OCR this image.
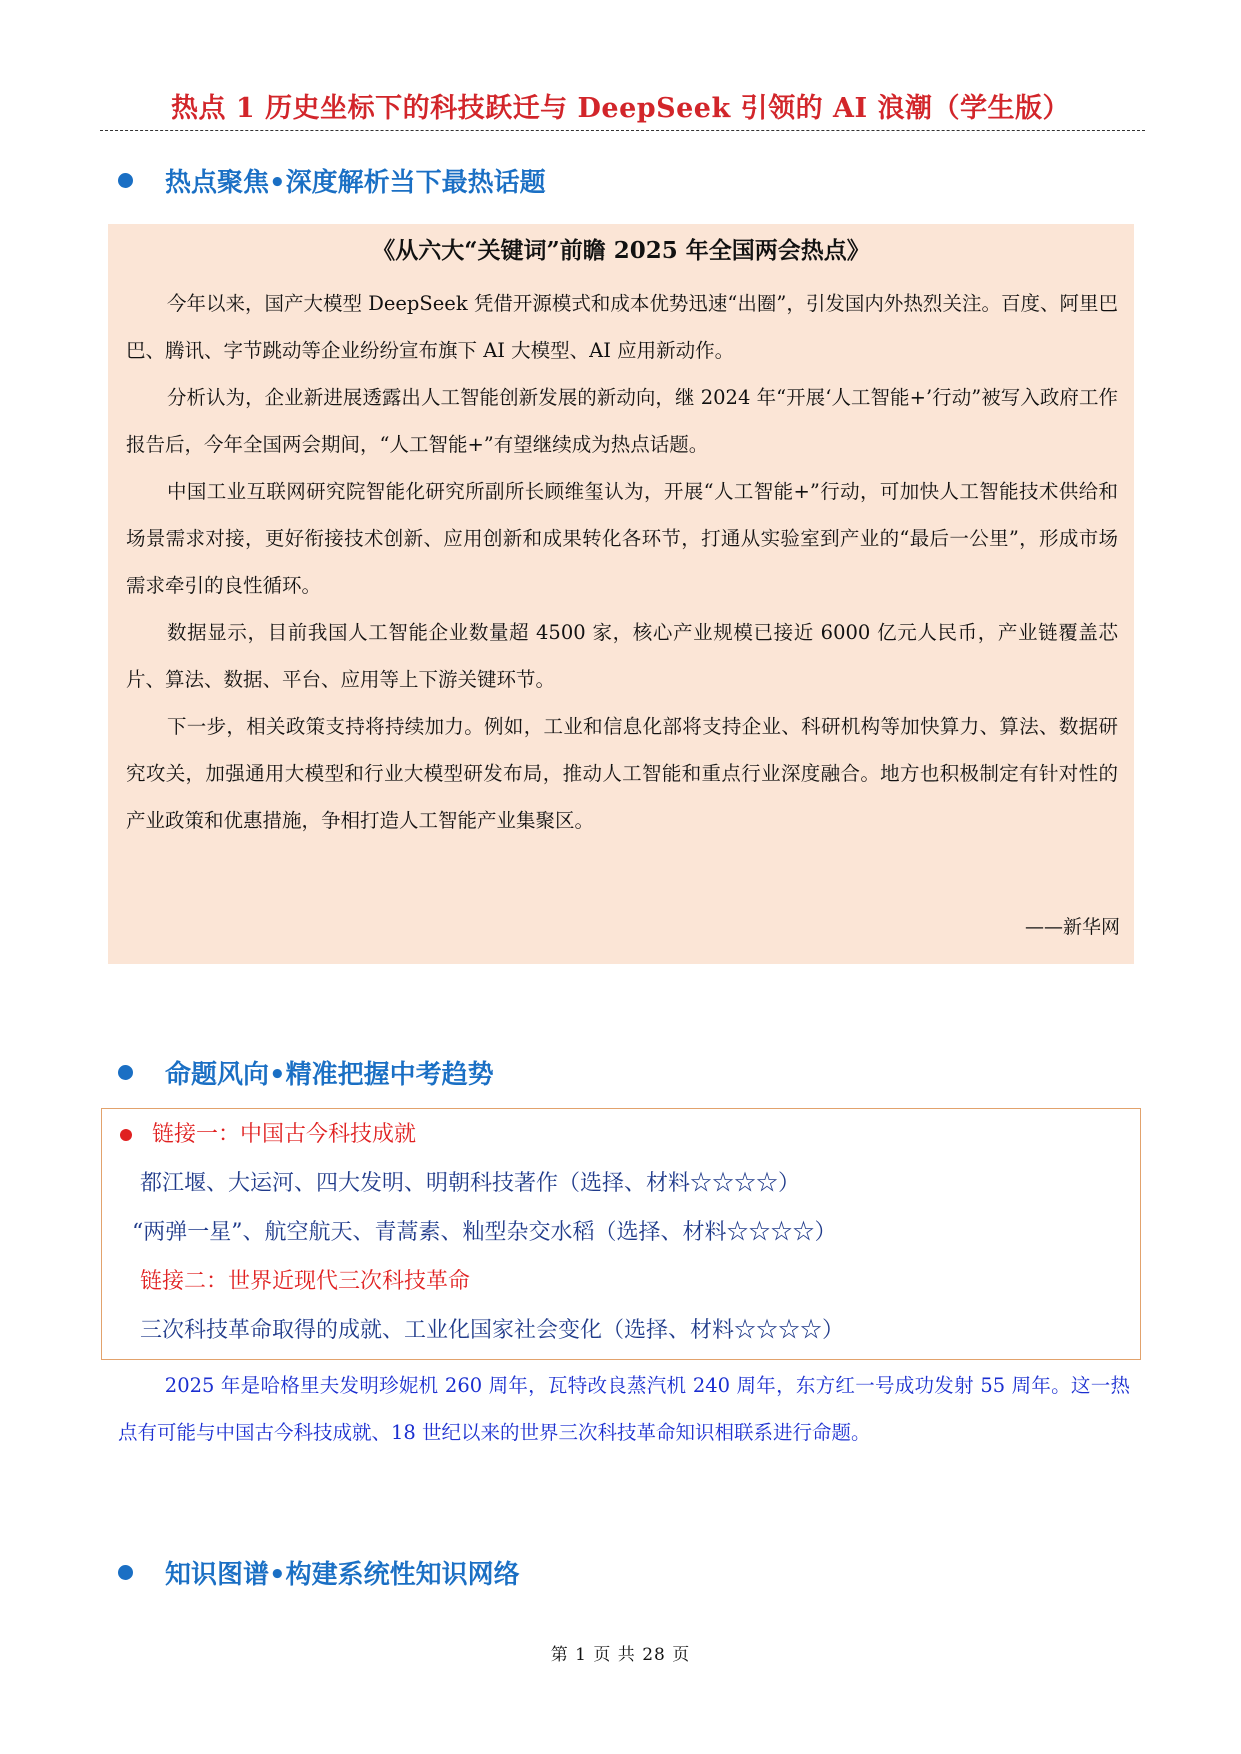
热点 1 历史坐标下的科技跃迁与 DeepSeek 引领的 AI 浪潮（学生版）
热点聚焦•深度解析当下最热话题
《从六大“关键词”前瞻 2025 年全国两会热点》

今年以来，国产大模型 DeepSeek 凭借开源模式和成本优势迅速“出圈”，引发国内外热烈关注。百度、阿里巴巴、腾讯、字节跳动等企业纷纷宣布旗下 AI 大模型、AI 应用新动作。

分析认为，企业新进展透露出人工智能创新发展的新动向，继 2024 年“开展‘人工智能+’行动”被写入政府工作报告后，今年全国两会期间，“人工智能+”有望继续成为热点话题。

中国工业互联网研究院智能化研究所副所长顾维玺认为，开展“人工智能+”行动，可加快人工智能技术供给和场景需求对接，更好衔接技术创新、应用创新和成果转化各环节，打通从实验室到产业的“最后一公里”，形成市场需求牵引的良性循环。

数据显示，目前我国人工智能企业数量超 4500 家，核心产业规模已接近 6000 亿元人民币，产业链覆盖芯片、算法、数据、平台、应用等上下游关键环节。

下一步，相关政策支持将持续加力。例如，工业和信息化部将支持企业、科研机构等加快算力、算法、数据研究攻关，加强通用大模型和行业大模型研发布局，推动人工智能和重点行业深度融合。地方也积极制定有针对性的产业政策和优惠措施，争相打造人工智能产业集聚区。

——新华网
命题风向•精准把握中考趋势
链接一：中国古今科技成就
都江堰、大运河、四大发明、明朝科技著作（选择、材料☆☆☆☆）
“两弹一星”、航空航天、青蒿素、籼型杂交水稻（选择、材料☆☆☆☆）
链接二：世界近现代三次科技革命
三次科技革命取得的成就、工业化国家社会变化（选择、材料☆☆☆☆）

2025 年是哈格里夫发明珍妮机 260 周年，瓦特改良蒸汽机 240 周年，东方红一号成功发射 55 周年。这一热点有可能与中国古今科技成就、18 世纪以来的世界三次科技革命知识相联系进行命题。

知识图谱•构建系统性知识网络
第 1 页 共 28 页
